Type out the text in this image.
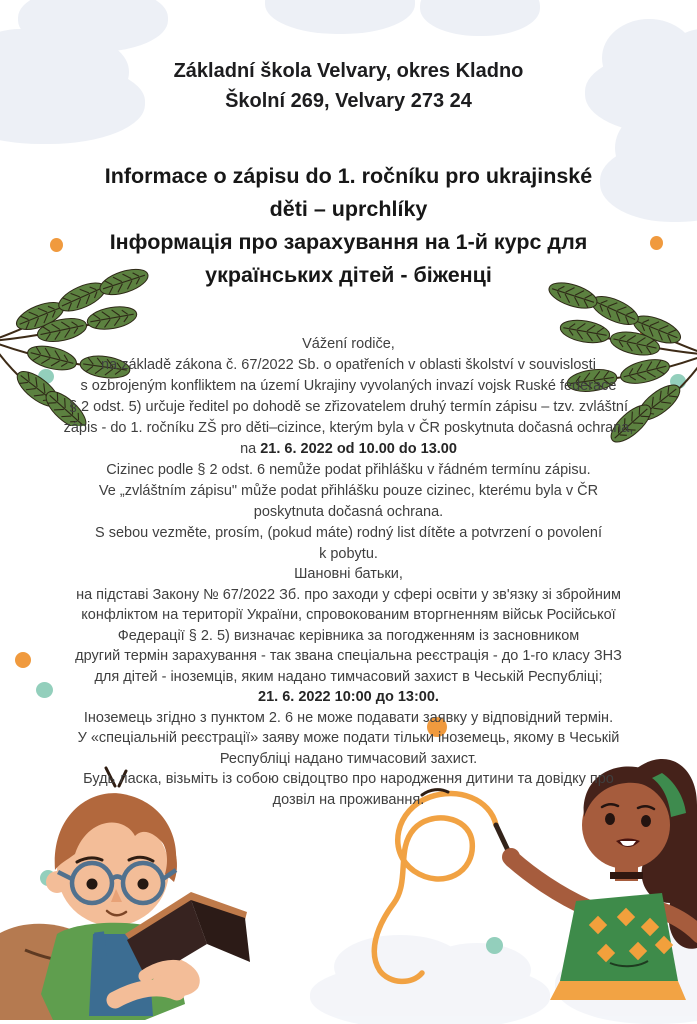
Základní škola Velvary, okres Kladno
Školní 269, Velvary 273 24
Informace o zápisu do 1. ročníku pro ukrajinské
děti – uprchlíky
Інформація про зарахування на 1-й курс для
українських дітей - біженці
Vážení rodiče,
na základě zákona č. 67/2022 Sb. o opatřeních v oblasti školství v souvislosti
s ozbrojeným konfliktem na území Ukrajiny vyvolaných invazí vojsk Ruské federace
§ 2 odst. 5) určuje ředitel po dohodě se zřizovatelem druhý termín zápisu – tzv. zvláštní
zápis - do 1. ročníku ZŠ pro děti–cizince, kterým byla v ČR poskytnuta dočasná ochrana,
na 21. 6. 2022 od 10.00 do 13.00
Cizinec podle § 2 odst. 6 nemůže podat přihlášku v řádném termínu zápisu.
Ve „zvláštním zápisu" může podat přihlášku pouze cizinec, kterému byla v ČR
poskytnuta dočasná ochrana.
S sebou vezměte, prosím, (pokud máte) rodný list dítěte a potvrzení o povolení
k pobytu.
Шановні батьки,
на підставі Закону № 67/2022 Зб. про заходи у сфері освіти у зв'язку зі збройним
конфліктом на території України, спровокованим вторгненням військ Російської
Федерації § 2. 5) визначає керівника за погодженням із засновником
другий термін зарахування - так звана спеціальна реєстрація - до 1-го класу ЗНЗ
для дітей - іноземців, яким надано тимчасовий захист в Чеській Республіці;
21. 6. 2022 10:00 до 13:00.
Іноземець згідно з пунктом 2. 6 не може подавати заявку у відповідний термін.
У «спеціальній реєстрації» заяву може подати тільки іноземець, якому в Чеській
Республіці надано тимчасовий захист.
Будь ласка, візьміть із собою свідоцтво про народження дитини та довідку про
дозвіл на проживання.
